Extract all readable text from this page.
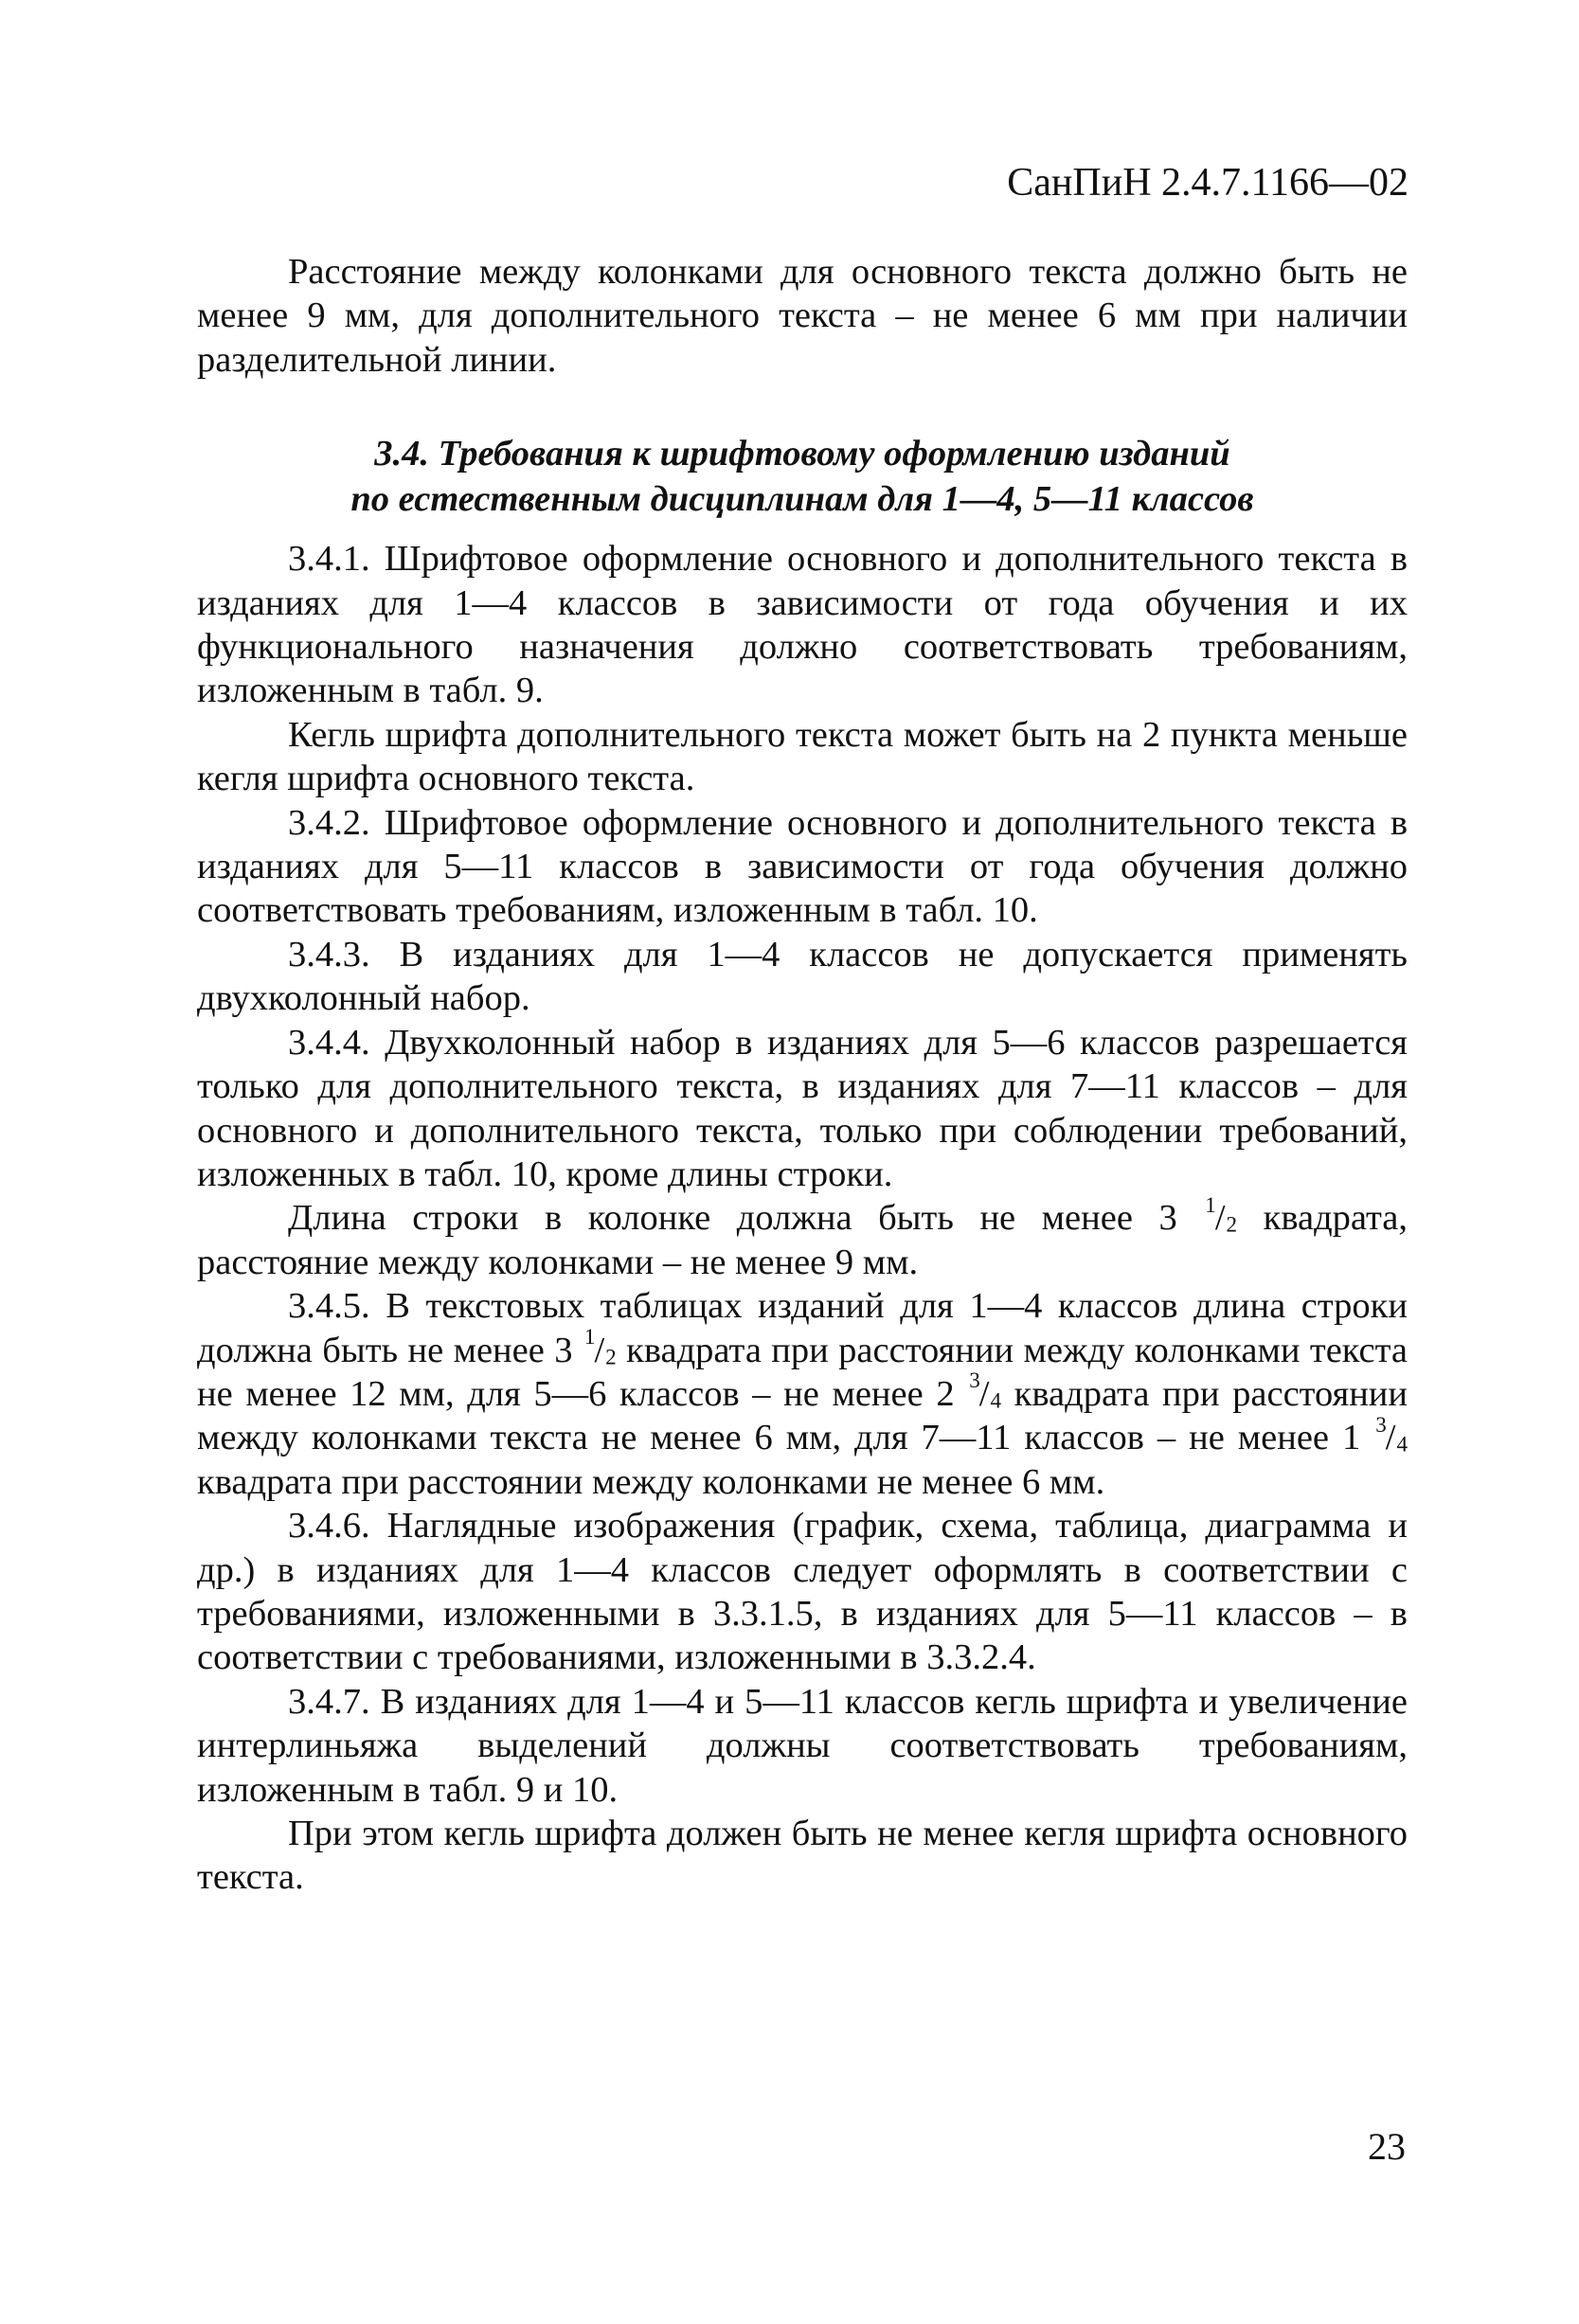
СанПиН 2.4.7.1166—02

Расстояние между колонками для основного текста должно быть не менее 9 мм, для дополнительного текста – не менее 6 мм при наличии разделительной линии.

3.4. Требования к шрифтовому оформлению изданий
по естественным дисциплинам для 1—4, 5—11 классов

3.4.1. Шрифтовое оформление основного и дополнительного текста в изданиях для 1—4 классов в зависимости от года обучения и их функционального назначения должно соответствовать требованиям, изложенным в табл. 9.

Кегль шрифта дополнительного текста может быть на 2 пункта меньше кегля шрифта основного текста.

3.4.2. Шрифтовое оформление основного и дополнительного текста в изданиях для 5—11 классов в зависимости от года обучения должно соответствовать требованиям, изложенным в табл. 10.

3.4.3. В изданиях для 1—4 классов не допускается применять двухколонный набор.

3.4.4. Двухколонный набор в изданиях для 5—6 классов разрешается только для дополнительного текста, в изданиях для 7—11 классов – для основного и дополнительного текста, только при соблюдении требований, изложенных в табл. 10, кроме длины строки.

Длина строки в колонке должна быть не менее 3 $^1/_2$ квадрата, расстояние между колонками – не менее 9 мм.

3.4.5. В текстовых таблицах изданий для 1—4 классов длина строки должна быть не менее 3 $^1/_2$ квадрата при расстоянии между колонками текста не менее 12 мм, для 5—6 классов – не менее 2 $^3/_4$ квадрата при расстоянии между колонками текста не менее 6 мм, для 7—11 классов – не менее 1 $^3/_4$ квадрата при расстоянии между колонками не менее 6 мм.

3.4.6. Наглядные изображения (график, схема, таблица, диаграмма и др.) в изданиях для 1—4 классов следует оформлять в соответствии с требованиями, изложенными в 3.3.1.5, в изданиях для 5—11 классов – в соответствии с требованиями, изложенными в 3.3.2.4.

3.4.7. В изданиях для 1—4 и 5—11 классов кегль шрифта и увеличение интерлиньяжа выделений должны соответствовать требованиям, изложенным в табл. 9 и 10.

При этом кегль шрифта должен быть не менее кегля шрифта основного текста.

23
